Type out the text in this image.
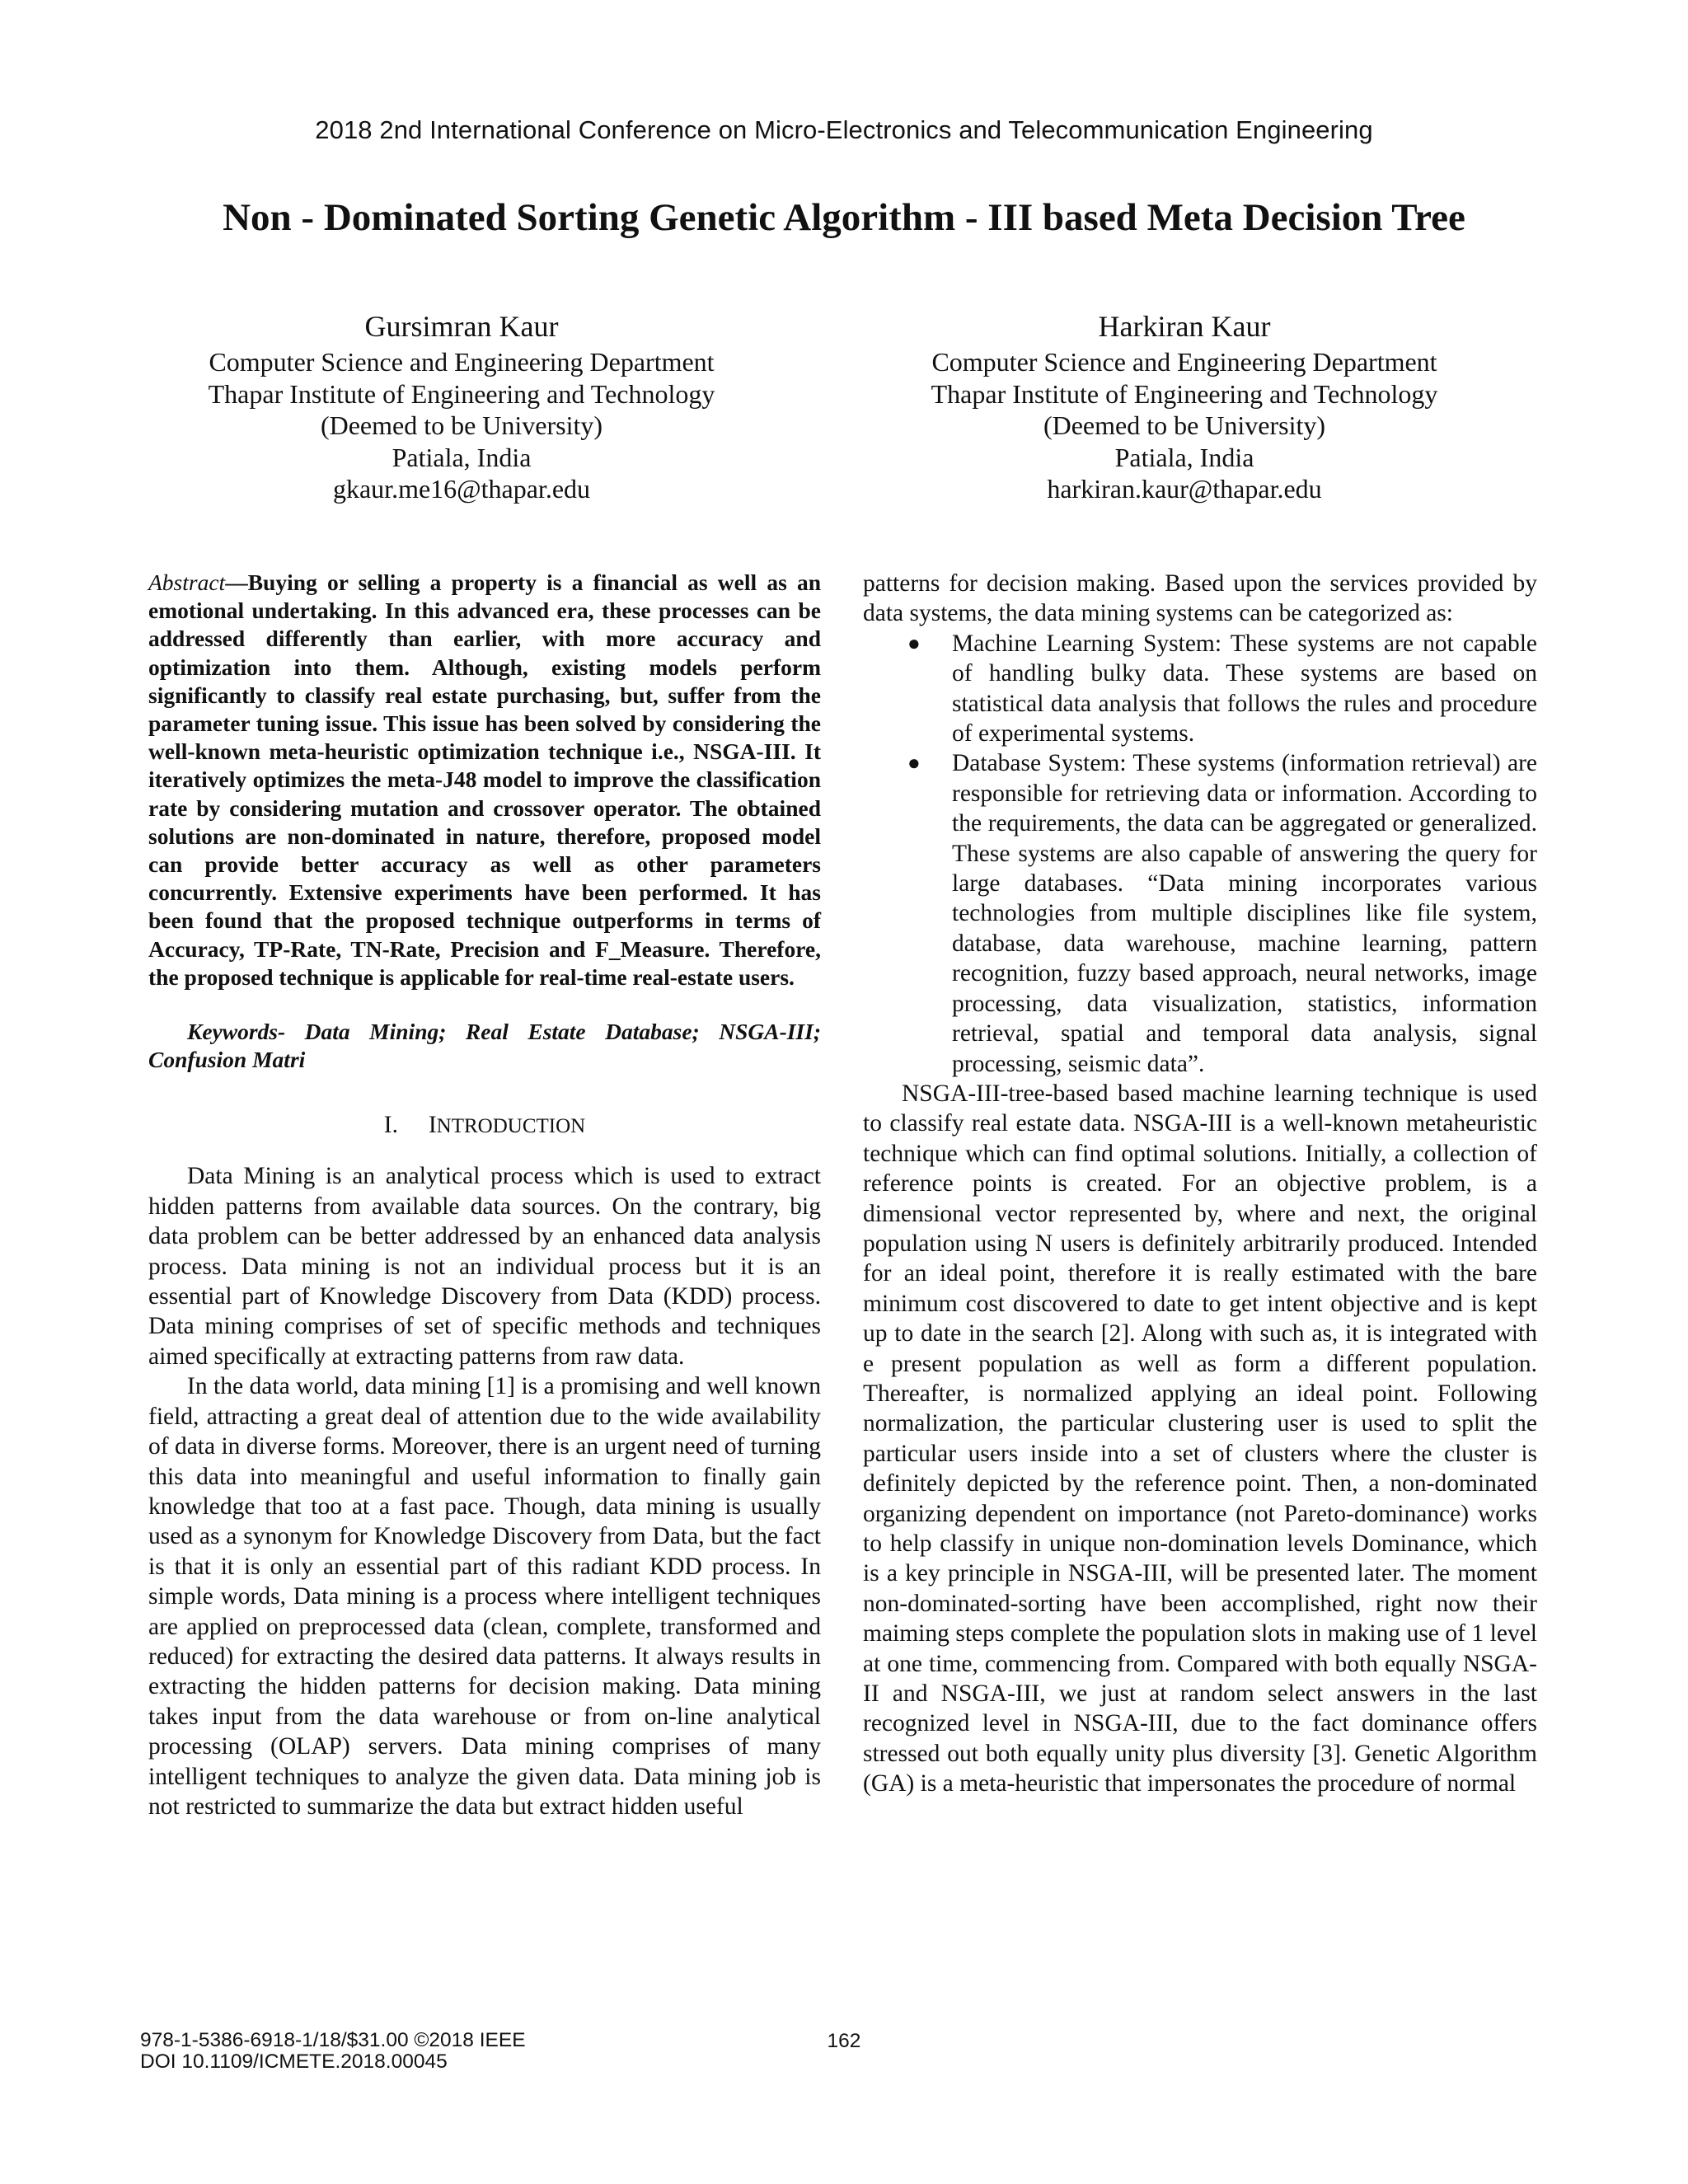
2018 2nd International Conference on Micro-Electronics and Telecommunication Engineering
Non - Dominated Sorting Genetic Algorithm - III based Meta Decision Tree
Gursimran Kaur
Computer Science and Engineering Department
Thapar Institute of Engineering and Technology
(Deemed to be University)
Patiala, India
gkaur.me16@thapar.edu
Harkiran Kaur
Computer Science and Engineering Department
Thapar Institute of Engineering and Technology
(Deemed to be University)
Patiala, India
harkiran.kaur@thapar.edu

Abstract—Buying or selling a property is a financial as well as an emotional undertaking. In this advanced era, these processes can be addressed differently than earlier, with more accuracy and optimization into them. Although, existing models perform significantly to classify real estate purchasing, but, suffer from the parameter tuning issue. This issue has been solved by considering the well-known meta-heuristic optimization technique i.e., NSGA-III. It iteratively optimizes the meta-J48 model to improve the classification rate by considering mutation and crossover operator. The obtained solutions are non-dominated in nature, therefore, proposed model can provide better accuracy as well as other parameters concurrently. Extensive experiments have been performed. It has been found that the proposed technique outperforms in terms of Accuracy, TP-Rate, TN-Rate, Precision and F_Measure. Therefore, the proposed technique is applicable for real-time real-estate users.

Keywords- Data Mining; Real Estate Database; NSGA-III; Confusion Matri

I. INTRODUCTION

Data Mining is an analytical process which is used to extract hidden patterns from available data sources. On the contrary, big data problem can be better addressed by an enhanced data analysis process. Data mining is not an individual process but it is an essential part of Knowledge Discovery from Data (KDD) process. Data mining comprises of set of specific methods and techniques aimed specifically at extracting patterns from raw data.

In the data world, data mining [1] is a promising and well known field, attracting a great deal of attention due to the wide availability of data in diverse forms. Moreover, there is an urgent need of turning this data into meaningful and useful information to finally gain knowledge that too at a fast pace. Though, data mining is usually used as a synonym for Knowledge Discovery from Data, but the fact is that it is only an essential part of this radiant KDD process. In simple words, Data mining is a process where intelligent techniques are applied on preprocessed data (clean, complete, transformed and reduced) for extracting the desired data patterns. It always results in extracting the hidden patterns for decision making. Data mining takes input from the data warehouse or from on-line analytical processing (OLAP) servers. Data mining comprises of many intelligent techniques to analyze the given data. Data mining job is not restricted to summarize the data but extract hidden useful

patterns for decision making. Based upon the services provided by data systems, the data mining systems can be categorized as:

● Machine Learning System: These systems are not capable of handling bulky data. These systems are based on statistical data analysis that follows the rules and procedure of experimental systems.
● Database System: These systems (information retrieval) are responsible for retrieving data or information. According to the requirements, the data can be aggregated or generalized. These systems are also capable of answering the query for large databases. “Data mining incorporates various technologies from multiple disciplines like file system, database, data warehouse, machine learning, pattern recognition, fuzzy based approach, neural networks, image processing, data visualization, statistics, information retrieval, spatial and temporal data analysis, signal processing, seismic data”.

NSGA-III-tree-based based machine learning technique is used to classify real estate data. NSGA-III is a well-known metaheuristic technique which can find optimal solutions. Initially, a collection of reference points is created. For an objective problem, is a dimensional vector represented by, where and next, the original population using N users is definitely arbitrarily produced. Intended for an ideal point, therefore it is really estimated with the bare minimum cost discovered to date to get intent objective and is kept up to date in the search [2]. Along with such as, it is integrated with e present population as well as form a different population. Thereafter, is normalized applying an ideal point. Following normalization, the particular clustering user is used to split the particular users inside into a set of clusters where the cluster is definitely depicted by the reference point. Then, a non-dominated organizing dependent on importance (not Pareto-dominance) works to help classify in unique non-domination levels Dominance, which is a key principle in NSGA-III, will be presented later. The moment non-dominated-sorting have been accomplished, right now their maiming steps complete the population slots in making use of 1 level at one time, commencing from. Compared with both equally NSGA-II and NSGA-III, we just at random select answers in the last recognized level in NSGA-III, due to the fact dominance offers stressed out both equally unity plus diversity [3]. Genetic Algorithm (GA) is a meta-heuristic that impersonates the procedure of normal

978-1-5386-6918-1/18/$31.00 ©2018 IEEE
DOI 10.1109/ICMETE.2018.00045
162
